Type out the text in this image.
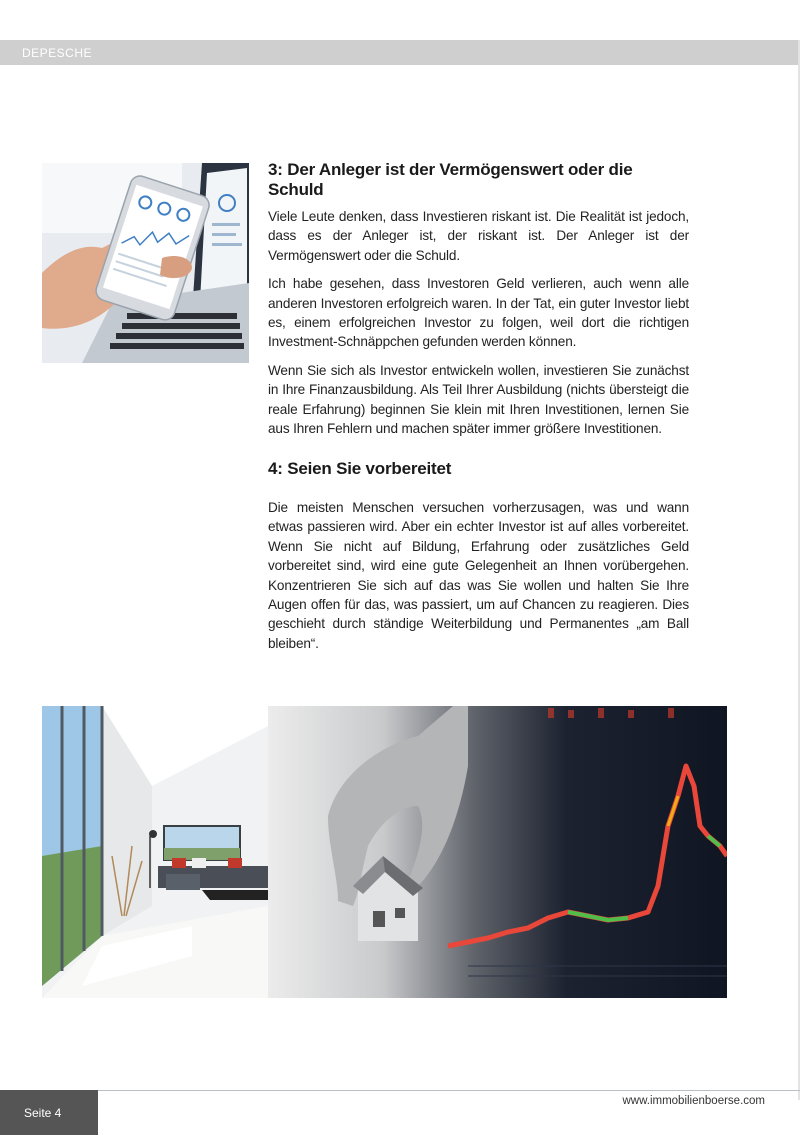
DEPESCHE
3: Der Anleger ist der Vermögenswert oder die Schuld

Viele Leute denken, dass Investieren riskant ist. Die Realität ist jedoch, dass es der Anleger ist, der riskant ist. Der Anleger ist der Vermögenswert oder die Schuld.

Ich habe gesehen, dass Investoren Geld verlieren, auch wenn alle anderen Investoren erfolgreich waren. In der Tat, ein guter Investor liebt es, einem erfolgreichen Investor zu folgen, weil dort die richtigen Investment-Schnäppchen gefunden werden können.

Wenn Sie sich als Investor entwickeln wollen, investieren Sie zunächst in Ihre Finanzausbildung. Als Teil Ihrer Ausbildung (nichts übersteigt die reale Erfahrung) beginnen Sie klein mit Ihren Investitionen, lernen Sie aus Ihren Fehlern und machen später immer größere Investitionen.

4: Seien Sie vorbereitet

Die meisten Menschen versuchen vorherzusagen, was und wann etwas passieren wird. Aber ein echter Investor ist auf alles vorbereitet. Wenn Sie nicht auf Bildung, Erfahrung oder zusätzliches Geld vorbereitet sind, wird eine gute Gelegenheit an Ihnen vorübergehen. Konzentrieren Sie sich auf das was Sie wollen und halten Sie Ihre Augen offen für das, was passiert, um auf Chancen zu reagieren. Dies geschieht durch ständige Weiterbildung und Permanentes „am Ball bleiben“.

www.immobilienboerse.com
Seite 4
